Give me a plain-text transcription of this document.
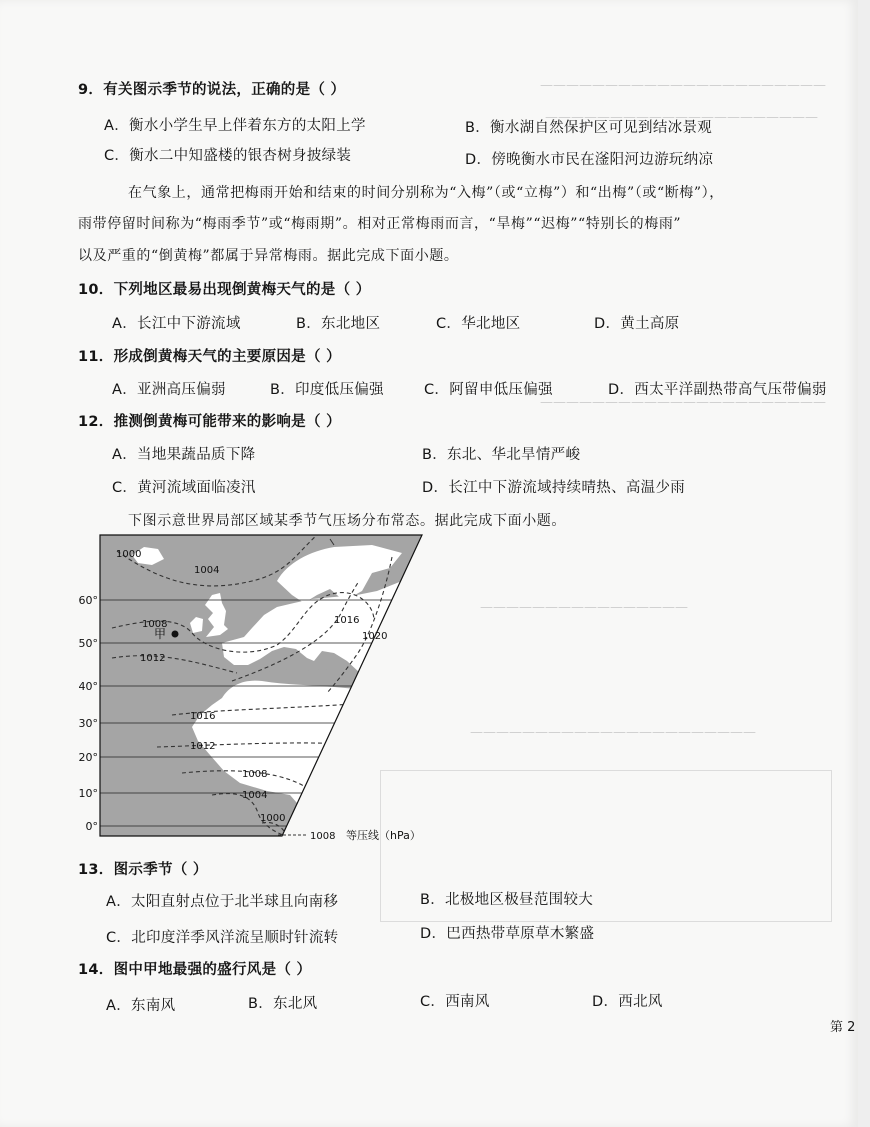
——————————————————————
—————————————————————
——————————————————————
————————————————
——————————————————————
9．有关图示季节的说法，正确的是（ ）
A．衡水小学生早上伴着东方的太阳上学	B．衡水湖自然保护区可见到结冰景观
C．衡水二中知盛楼的银杏树身披绿装	D．傍晚衡水市民在滏阳河边游玩纳凉
在气象上，通常把梅雨开始和结束的时间分别称为“入梅”（或“立梅”）和“出梅”（或“断梅”），
雨带停留时间称为“梅雨季节”或“梅雨期”。相对正常梅雨而言，“旱梅”“迟梅”“特别长的梅雨”
以及严重的“倒黄梅”都属于异常梅雨。据此完成下面小题。
10．下列地区最易出现倒黄梅天气的是（ ）
A．长江中下游流域	B．东北地区	C．华北地区	D．黄土高原
11．形成倒黄梅天气的主要原因是（ ）
A．亚洲高压偏弱	B．印度低压偏强	C．阿留申低压偏强	D．西太平洋副热带高气压带偏弱
12．推测倒黄梅可能带来的影响是（ ）
A．当地果蔬品质下降	B．东北、华北旱情严峻
C．黄河流域面临凌汛	D．长江中下游流域持续晴热、高温少雨
下图示意世界局部区域某季节气压场分布常态。据此完成下面小题。
60°
50°
40°
30°
20°
10°
0°
1000
1004
1008
1012
1016
1020
1016
1012
1008
1004
1000
甲
1008 等压线（hPa）
13．图示季节（ ）
A．太阳直射点位于北半球且向南移	B．北极地区极昼范围较大
C．北印度洋季风洋流呈顺时针流转	D．巴西热带草原草木繁盛
14．图中甲地最强的盛行风是（ ）
A．东南风	B．东北风	C．西南风	D．西北风
第 2
